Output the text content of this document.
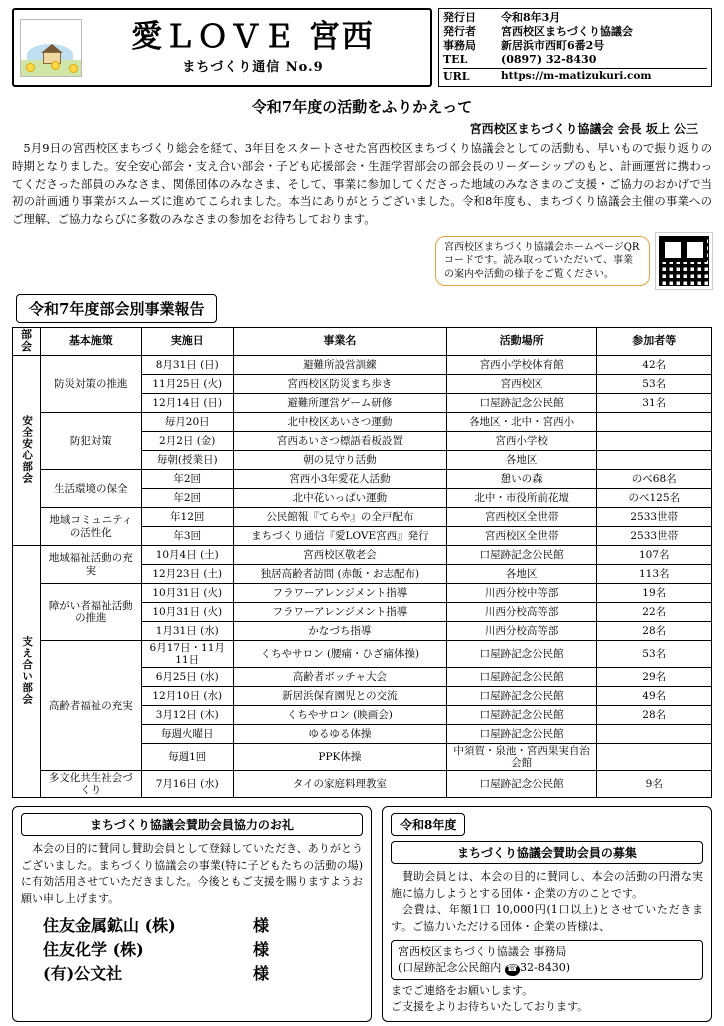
愛ＬＯＶＥ 宮西
まちづくり通信 No.9
発行日	令和8年3月
発行者	宮西校区まちづくり協議会
事務局	新居浜市西町6番2号
TEL	(0897) 32-8430
URL	https://m-matizukuri.com
令和7年度の活動をふりかえって
宮西校区まちづくり協議会 会長 坂上 公三
5月9日の宮西校区まちづくり総会を経て、3年目をスタートさせた宮西校区まちづくり協議会としての活動も、早いもので振り返りの時期となりました。安全安心部会・支え合い部会・子ども応援部会・生涯学習部会の部会長のリーダーシップのもと、計画運営に携わってくださった部員のみなさま、関係団体のみなさま、そして、事業に参加してくださった地域のみなさまのご支援・ご協力のおかげで当初の計画通り事業がスムーズに進めてこられました。本当にありがとうございました。令和8年度も、まちづくり協議会主催の事業へのご理解、ご協力ならびに多数のみなさまの参加をお待ちしております。
宮西校区まちづくり協議会ホームページQRコードです。読み取っていただいて、事業の案内や活動の様子をご覧ください。
令和7年度部会別事業報告
部会	基本施策	実施日	事業名	活動場所	参加者等
安全安心部会	防災対策の推進	8月31日 (日)	避難所設営訓練	宮西小学校体育館	42名
		11月25日 (火)	宮西校区防災まち歩き	宮西校区	53名
		12月14日 (日)	避難所運営ゲーム研修	口屋跡記念公民館	31名
	防犯対策	毎月20日	北中校区あいさつ運動	各地区・北中・宮西小	
		2月2日 (金)	宮西あいさつ標語看板設置	宮西小学校	
		毎朝(授業日)	朝の見守り活動	各地区	
	生活環境の保全	年2回	宮西小3年愛花人活動	憩いの森	のべ68名
		年2回	北中花いっぱい運動	北中・市役所前花壇	のべ125名
	地域コミュニティの活性化	年12回	公民館報『てらや』の全戸配布	宮西校区全世帯	2533世帯
		年3回	まちづくり通信『愛LOVE宮西』発行	宮西校区全世帯	2533世帯
支え合い部会	地域福祉活動の充実	10月4日 (土)	宮西校区敬老会	口屋跡記念公民館	107名
		12月23日 (土)	独居高齢者訪問 (赤飯・お志配布)	各地区	113名
	障がい者福祉活動の推進	10月31日 (火)	フラワーアレンジメント指導	川西分校中等部	19名
		10月31日 (火)	フラワーアレンジメント指導	川西分校高等部	22名
		1月31日 (水)	かなづち指導	川西分校高等部	28名
	高齢者福祉の充実	6月17日・11月11日	くちやサロン (腰痛・ひざ痛体操)	口屋跡記念公民館	53名
		6月25日 (水)	高齢者ボッチャ大会	口屋跡記念公民館	29名
		12月10日 (水)	新居浜保育園児との交流	口屋跡記念公民館	49名
		3月12日 (木)	くちやサロン (映画会)	口屋跡記念公民館	28名
		毎週火曜日	ゆるゆる体操	口屋跡記念公民館	
		毎週1回	PPK体操	中須賀・泉池・宮西果実自治会館	
	多文化共生社会づくり	7月16日 (水)	タイの家庭料理教室	口屋跡記念公民館	9名
まちづくり協議会賛助会員協力のお礼
本会の目的に賛同し賛助会員として登録していただき、ありがとうございました。まちづくり協議会の事業(特に子どもたちの活動の場)に有効活用させていただきました。今後ともご支援を賜りますようお願い申し上げます。
住友金属鉱山 (株)	様
住友化学 (株)	様
(有)公文社	様
令和8年度
まちづくり協議会賛助会員の募集
賛助会員とは、本会の目的に賛同し、本会の活動の円滑な実施に協力しようとする団体・企業の方のことです。
会費は、年額1口 10,000円(1口以上)とさせていただきます。ご協力いただける団体・企業の皆様は、
宮西校区まちづくり協議会 事務局
(口屋跡記念公民館内 ☎ 32-8430)
までご連絡をお願いします。
ご支援をよりお待ちいたしております。
